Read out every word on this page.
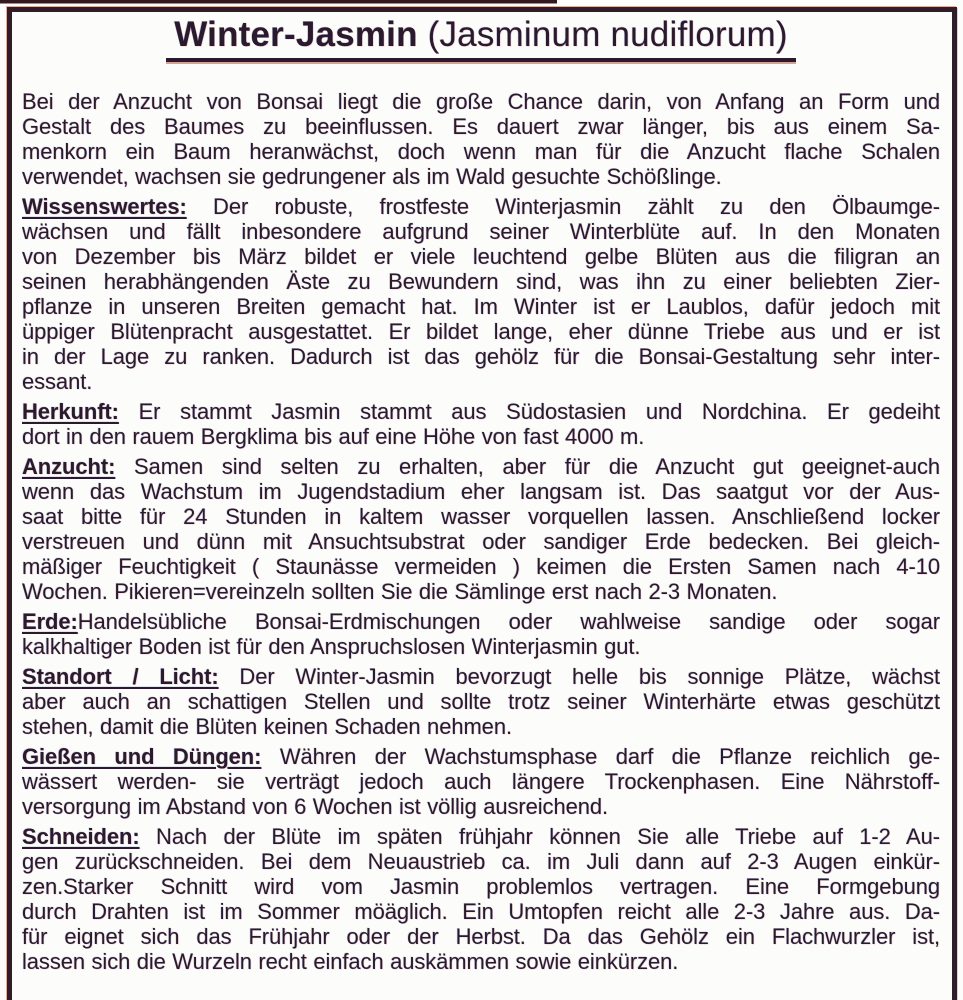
Winter-Jasmin (Jasminum nudiflorum)
Bei der Anzucht von Bonsai liegt die große Chance darin, von Anfang an Form und
Gestalt des Baumes zu beeinflussen. Es dauert zwar länger, bis aus einem Sa-
menkorn ein Baum heranwächst, doch wenn man für die Anzucht flache Schalen
verwendet, wachsen sie gedrungener als im Wald gesuchte Schößlinge.
Wissenswertes: Der robuste, frostfeste Winterjasmin zählt zu den Ölbaumge-
wächsen und fällt inbesondere aufgrund seiner Winterblüte auf. In den Monaten
von Dezember bis März bildet er viele leuchtend gelbe Blüten aus die filigran an
seinen herabhängenden Äste zu Bewundern sind, was ihn zu einer beliebten Zier-
pflanze in unseren Breiten gemacht hat. Im Winter ist er Laublos, dafür jedoch mit
üppiger Blütenpracht ausgestattet. Er bildet lange, eher dünne Triebe aus und er ist
in der Lage zu ranken. Dadurch ist das gehölz für die Bonsai-Gestaltung sehr inter-
essant.
Herkunft: Er stammt Jasmin stammt aus Südostasien und Nordchina. Er gedeiht
dort in den rauem Bergklima bis auf eine Höhe von fast 4000 m.
Anzucht: Samen sind selten zu erhalten, aber für die Anzucht gut geeignet-auch
wenn das Wachstum im Jugendstadium eher langsam ist. Das saatgut vor der Aus-
saat bitte für 24 Stunden in kaltem wasser vorquellen lassen. Anschließend locker
verstreuen und dünn mit Ansuchtsubstrat oder sandiger Erde bedecken. Bei gleich-
mäßiger Feuchtigkeit ( Staunässe vermeiden ) keimen die Ersten Samen nach 4-10
Wochen. Pikieren=vereinzeln sollten Sie die Sämlinge erst nach 2-3 Monaten.
Erde:Handelsübliche Bonsai-Erdmischungen oder wahlweise sandige oder sogar
kalkhaltiger Boden ist für den Anspruchslosen Winterjasmin gut.
Standort / Licht: Der Winter-Jasmin bevorzugt helle bis sonnige Plätze, wächst
aber auch an schattigen Stellen und sollte trotz seiner Winterhärte etwas geschützt
stehen, damit die Blüten keinen Schaden nehmen.
Gießen und Düngen: Währen der Wachstumsphase darf die Pflanze reichlich ge-
wässert werden- sie verträgt jedoch auch längere Trockenphasen. Eine Nährstoff-
versorgung im Abstand von 6 Wochen ist völlig ausreichend.
Schneiden: Nach der Blüte im späten frühjahr können Sie alle Triebe auf 1-2 Au-
gen zurückschneiden. Bei dem Neuaustrieb ca. im Juli dann auf 2-3 Augen einkür-
zen.Starker Schnitt wird vom Jasmin problemlos vertragen. Eine Formgebung
durch Drahten ist im Sommer möäglich. Ein Umtopfen reicht alle 2-3 Jahre aus. Da-
für eignet sich das Frühjahr oder der Herbst. Da das Gehölz ein Flachwurzler ist,
lassen sich die Wurzeln recht einfach auskämmen sowie einkürzen.
